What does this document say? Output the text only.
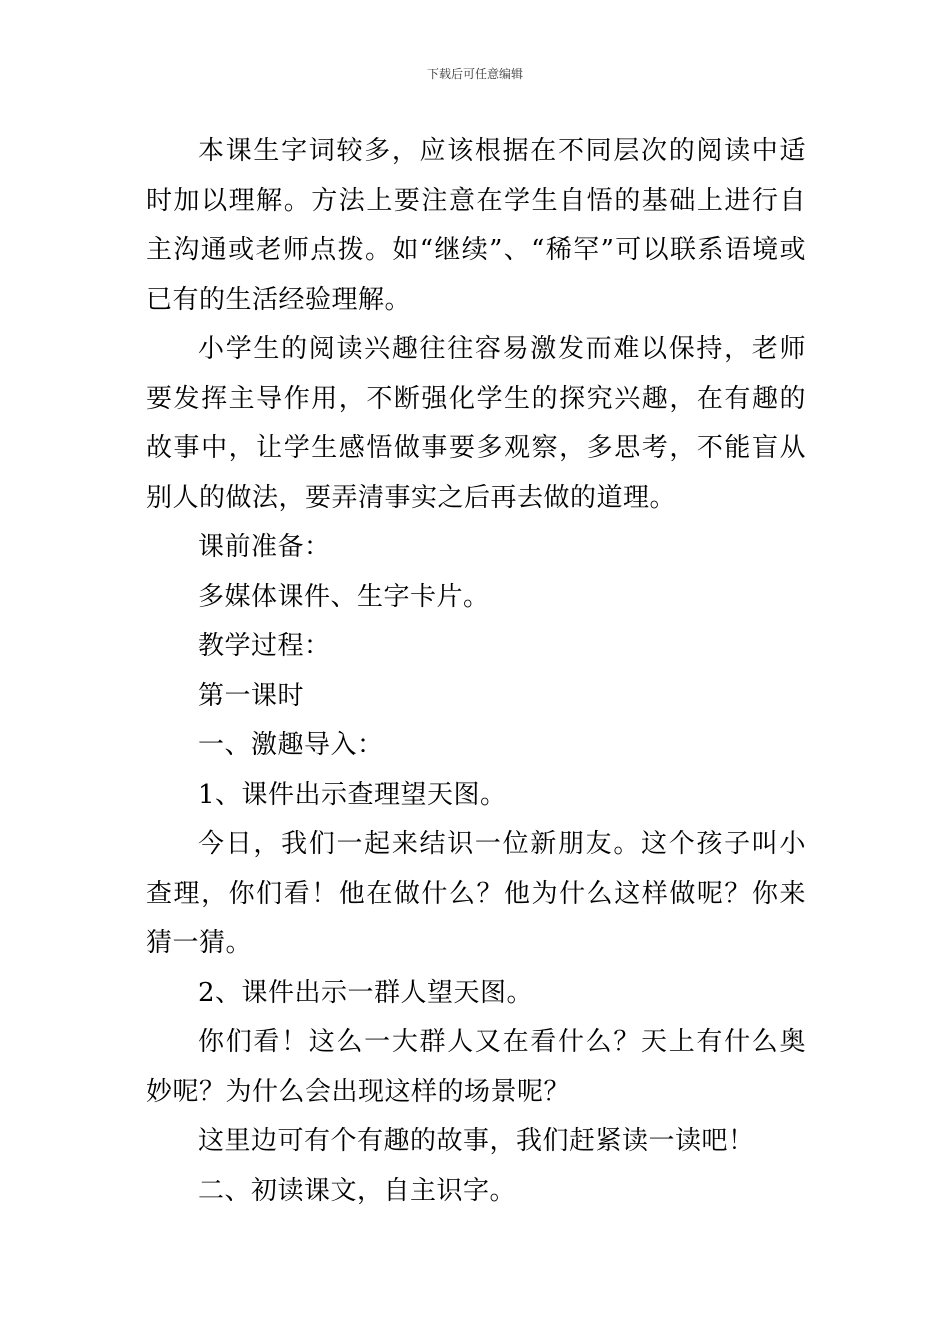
下载后可任意编辑

本课生字词较多，应该根据在不同层次的阅读中适时加以理解。方法上要注意在学生自悟的基础上进行自主沟通或老师点拨。如“继续”、“稀罕”可以联系语境或已有的生活经验理解。

小学生的阅读兴趣往往容易激发而难以保持，老师要发挥主导作用，不断强化学生的探究兴趣，在有趣的故事中，让学生感悟做事要多观察，多思考，不能盲从别人的做法，要弄清事实之后再去做的道理。

课前准备：

多媒体课件、生字卡片。

教学过程：

第一课时

一、激趣导入：

1、课件出示查理望天图。

今日，我们一起来结识一位新朋友。这个孩子叫小查理，你们看！他在做什么？他为什么这样做呢？你来猜一猜。

2、课件出示一群人望天图。

你们看！这么一大群人又在看什么？天上有什么奥妙呢？为什么会出现这样的场景呢？

这里边可有个有趣的故事，我们赶紧读一读吧！

二、初读课文，自主识字。
